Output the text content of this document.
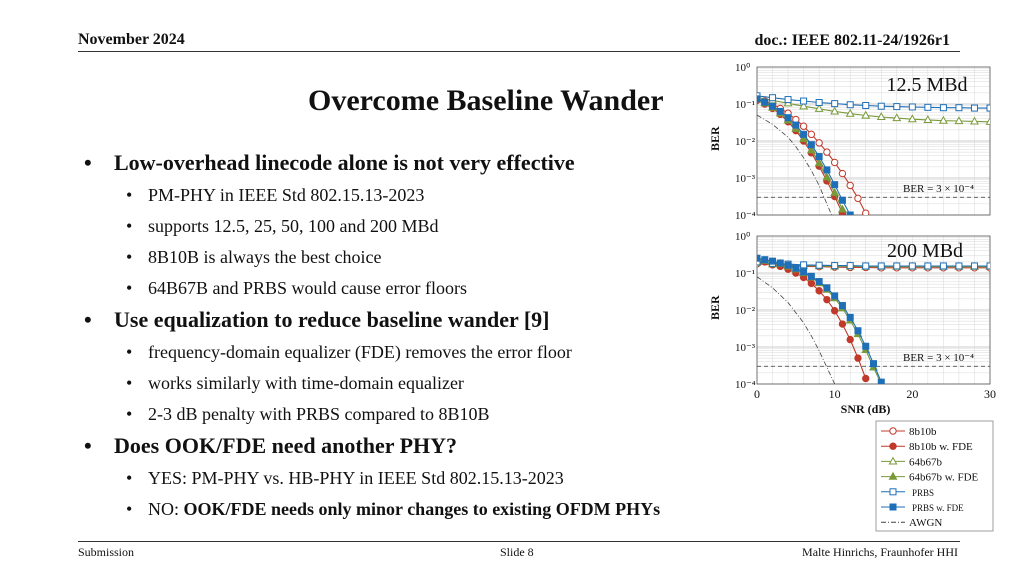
November 2024	doc.: IEEE 802.11-24/1926r1
Overcome Baseline Wander
• Low-overhead linecode alone is not very effective
• PM-PHY in IEEE Std 802.15.13-2023
• supports 12.5, 25, 50, 100 and 200 MBd
• 8B10B is always the best choice
• 64B67B and PRBS would cause error floors
• Use equalization to reduce baseline wander [9]
• frequency-domain equalizer (FDE) removes the error floor
• works similarly with time-domain equalizer
• 2-3 dB penalty with PRBS compared to 8B10B
• Does OOK/FDE need another PHY?
• YES: PM-PHY vs. HB-PHY in IEEE Std 802.15.13-2023
• NO: OOK/FDE needs only minor changes to existing OFDM PHYs
10⁰
10⁻¹
10⁻²
10⁻³
10⁻⁴
BER
BER = 3 × 10⁻⁴
12.5 MBd
10⁰
10⁻¹
10⁻²
10⁻³
10⁻⁴
BER
0	10	20	30
SNR (dB)
BER = 3 × 10⁻⁴
200 MBd
8b10b
8b10b w. FDE
64b67b
64b67b w. FDE
PRBS
PRBS w. FDE
AWGN
Submission	Slide 8	Malte Hinrichs, Fraunhofer HHI
